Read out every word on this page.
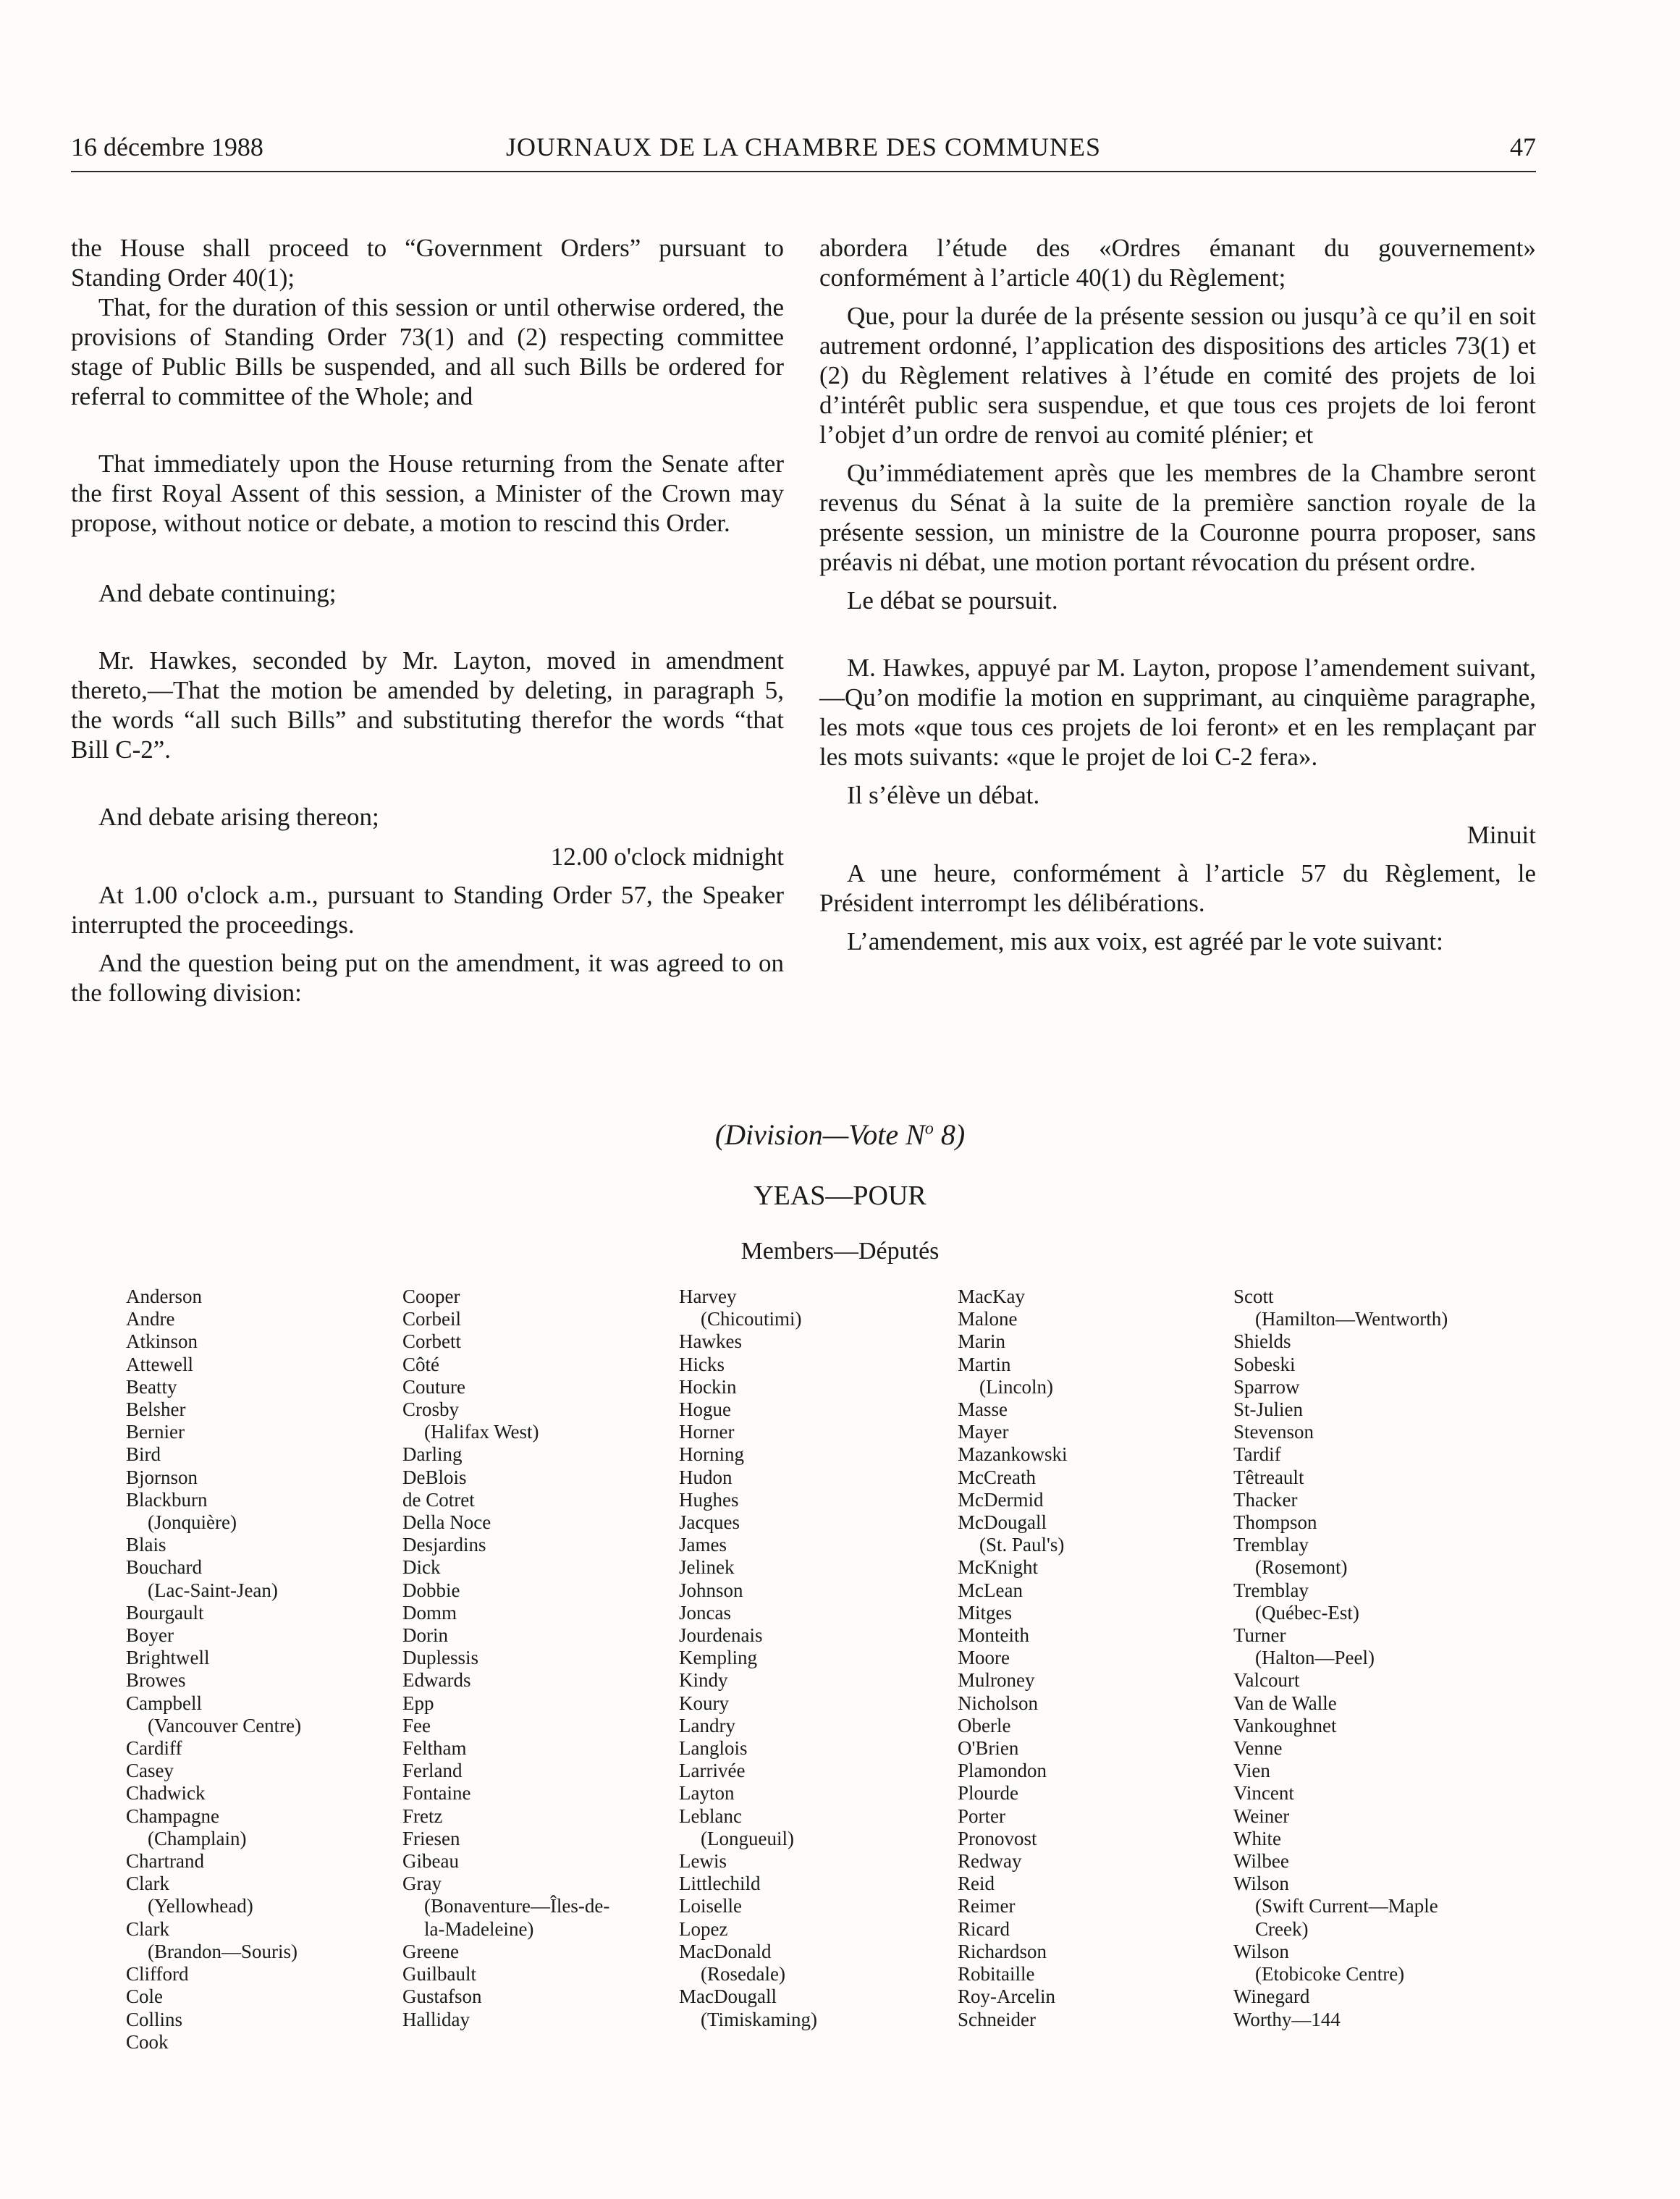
16 décembre 1988	JOURNAUX DE LA CHAMBRE DES COMMUNES	47

the House shall proceed to “Government Orders” pursuant to Standing Order 40(1);

That, for the duration of this session or until otherwise ordered, the provisions of Standing Order 73(1) and (2) respecting committee stage of Public Bills be suspended, and all such Bills be ordered for referral to committee of the Whole; and

That immediately upon the House returning from the Senate after the first Royal Assent of this session, a Minister of the Crown may propose, without notice or debate, a motion to rescind this Order.

And debate continuing;

Mr. Hawkes, seconded by Mr. Layton, moved in amendment thereto,—That the motion be amended by deleting, in paragraph 5, the words “all such Bills” and substituting therefor the words “that Bill C-2”.

And debate arising thereon;

12.00 o'clock midnight

At 1.00 o'clock a.m., pursuant to Standing Order 57, the Speaker interrupted the proceedings.

And the question being put on the amendment, it was agreed to on the following division:

abordera l’étude des «Ordres émanant du gouvernement» conformément à l’article 40(1) du Règlement;

Que, pour la durée de la présente session ou jusqu’à ce qu’il en soit autrement ordonné, l’application des dispositions des articles 73(1) et (2) du Règlement relatives à l’étude en comité des projets de loi d’intérêt public sera suspendue, et que tous ces projets de loi feront l’objet d’un ordre de renvoi au comité plénier; et

Qu’immédiatement après que les membres de la Chambre seront revenus du Sénat à la suite de la première sanction royale de la présente session, un ministre de la Couronne pourra proposer, sans préavis ni débat, une motion portant révocation du présent ordre.

Le débat se poursuit.

M. Hawkes, appuyé par M. Layton, propose l’amendement suivant,—Qu’on modifie la motion en supprimant, au cinquième paragraphe, les mots «que tous ces projets de loi feront» et en les remplaçant par les mots suivants: «que le projet de loi C-2 fera».

Il s’élève un débat.

Minuit

A une heure, conformément à l’article 57 du Règlement, le Président interrompt les délibérations.

L’amendement, mis aux voix, est agréé par le vote suivant:

(Division—Vote $N^o$ 8)
YEAS—POUR
Members—Députés
Anderson
Andre
Atkinson
Attewell
Beatty
Belsher
Bernier
Bird
Bjornson
Blackburn
(Jonquière)
Blais
Bouchard
(Lac-Saint-Jean)
Bourgault
Boyer
Brightwell
Browes
Campbell
(Vancouver Centre)
Cardiff
Casey
Chadwick
Champagne
(Champlain)
Chartrand
Clark
(Yellowhead)
Clark
(Brandon—Souris)
Clifford
Cole
Collins
Cook
Cooper
Corbeil
Corbett
Côté
Couture
Crosby
(Halifax West)
Darling
DeBlois
de Cotret
Della Noce
Desjardins
Dick
Dobbie
Domm
Dorin
Duplessis
Edwards
Epp
Fee
Feltham
Ferland
Fontaine
Fretz
Friesen
Gibeau
Gray
(Bonaventure—Îles-de-
la-Madeleine)
Greene
Guilbault
Gustafson
Halliday
Harvey
(Chicoutimi)
Hawkes
Hicks
Hockin
Hogue
Horner
Horning
Hudon
Hughes
Jacques
James
Jelinek
Johnson
Joncas
Jourdenais
Kempling
Kindy
Koury
Landry
Langlois
Larrivée
Layton
Leblanc
(Longueuil)
Lewis
Littlechild
Loiselle
Lopez
MacDonald
(Rosedale)
MacDougall
(Timiskaming)
MacKay
Malone
Marin
Martin
(Lincoln)
Masse
Mayer
Mazankowski
McCreath
McDermid
McDougall
(St. Paul's)
McKnight
McLean
Mitges
Monteith
Moore
Mulroney
Nicholson
Oberle
O'Brien
Plamondon
Plourde
Porter
Pronovost
Redway
Reid
Reimer
Ricard
Richardson
Robitaille
Roy-Arcelin
Schneider
Scott
(Hamilton—Wentworth)
Shields
Sobeski
Sparrow
St-Julien
Stevenson
Tardif
Têtreault
Thacker
Thompson
Tremblay
(Rosemont)
Tremblay
(Québec-Est)
Turner
(Halton—Peel)
Valcourt
Van de Walle
Vankoughnet
Venne
Vien
Vincent
Weiner
White
Wilbee
Wilson
(Swift Current—Maple
Creek)
Wilson
(Etobicoke Centre)
Winegard
Worthy—144
